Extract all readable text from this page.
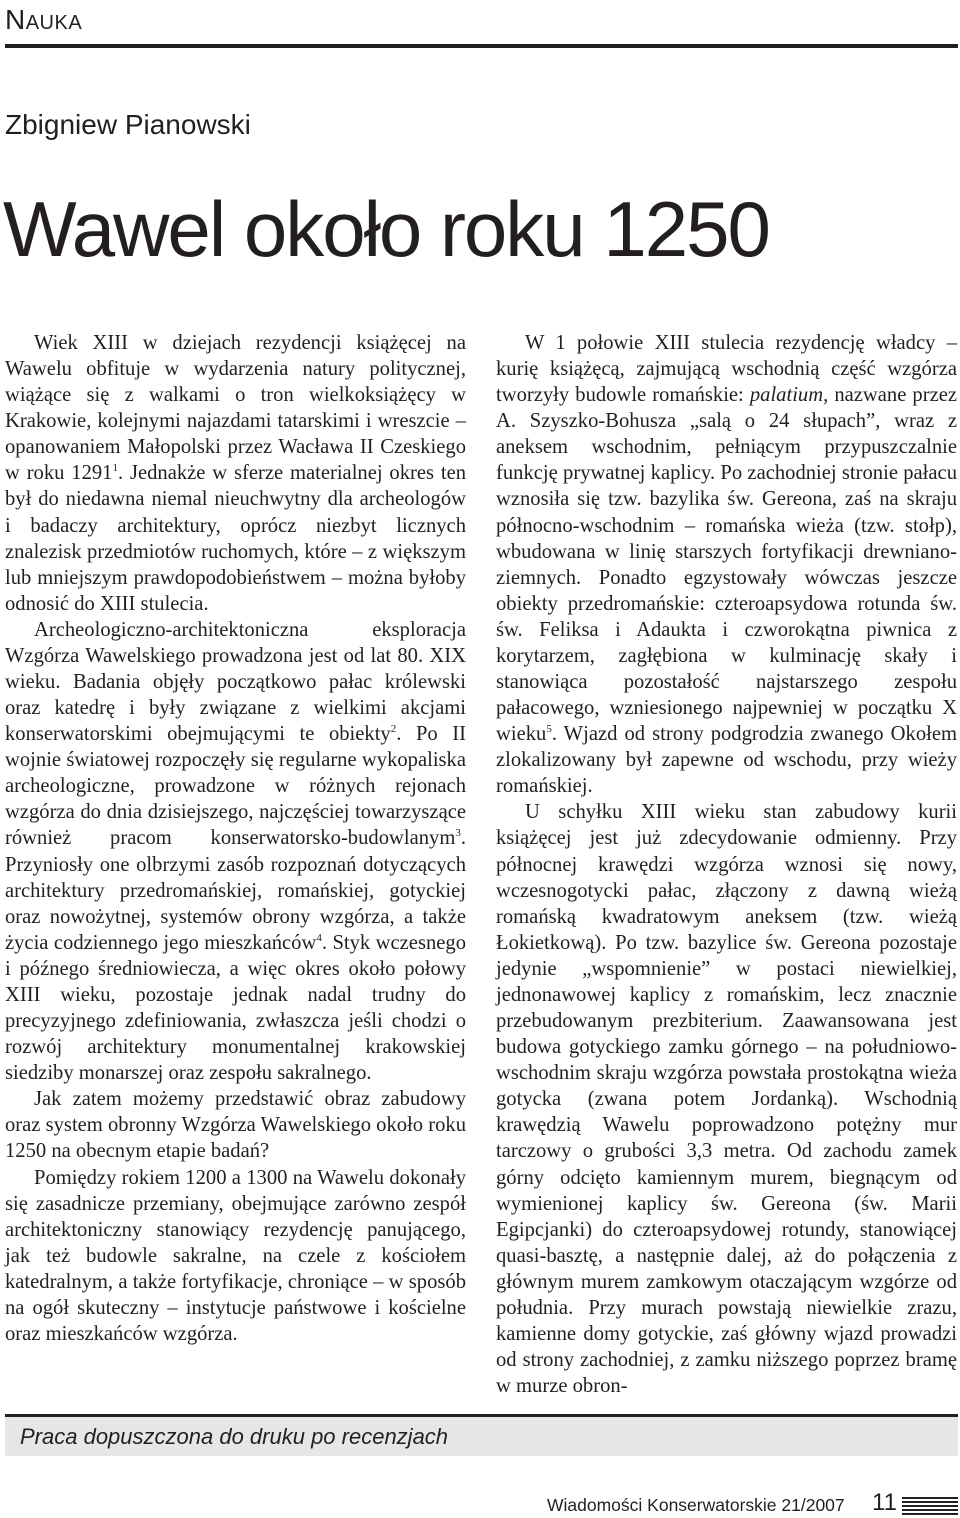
Nauka
Zbigniew Pianowski
Wawel około roku 1250

Wiek XIII w dziejach rezydencji książęcej na Wawelu obfituje w wydarzenia natury politycznej, wiążące się z walkami o tron wielkoksiążęcy w Krakowie, kolejnymi najazdami tatarskimi i wreszcie – opanowaniem Małopolski przez Wacława II Czeskiego w roku 1291$^1$. Jednakże w sferze materialnej okres ten był do niedawna niemal nieuchwytny dla archeologów i badaczy architektury, oprócz niezbyt licznych znalezisk przedmiotów ruchomych, które – z większym lub mniejszym prawdopodobieństwem – można byłoby odnosić do XIII stulecia.

Archeologiczno-architektoniczna eksploracja Wzgórza Wawelskiego prowadzona jest od lat 80. XIX wieku. Badania objęły początkowo pałac królewski oraz katedrę i były związane z wielkimi akcjami konserwatorskimi obejmującymi te obiekty$^2$. Po II wojnie światowej rozpoczęły się regularne wykopaliska archeologiczne, prowadzone w różnych rejonach wzgórza do dnia dzisiejszego, najczęściej towarzyszące również pracom konserwatorsko-budowlanym$^3$. Przyniosły one olbrzymi zasób rozpoznań dotyczących architektury przedromańskiej, romańskiej, gotyckiej oraz nowożytnej, systemów obrony wzgórza, a także życia codziennego jego mieszkańców$^4$. Styk wczesnego i późnego średniowiecza, a więc okres około połowy XIII wieku, pozostaje jednak nadal trudny do precyzyjnego zdefiniowania, zwłaszcza jeśli chodzi o rozwój architektury monumentalnej krakowskiej siedziby monarszej oraz zespołu sakralnego.

Jak zatem możemy przedstawić obraz zabudowy oraz system obronny Wzgórza Wawelskiego około roku 1250 na obecnym etapie badań?

Pomiędzy rokiem 1200 a 1300 na Wawelu dokonały się zasadnicze przemiany, obejmujące zarówno zespół architektoniczny stanowiący rezydencję panującego, jak też budowle sakralne, na czele z kościołem katedralnym, a także fortyfikacje, chroniące – w sposób na ogół skuteczny – instytucje państwowe i kościelne oraz mieszkańców wzgórza.

W 1 połowie XIII stulecia rezydencję władcy – kurię książęcą, zajmującą wschodnią część wzgórza tworzyły budowle romańskie: palatium, nazwane przez A. Szyszko-Bohusza „salą o 24 słupach”, wraz z aneksem wschodnim, pełniącym przypuszczalnie funkcję prywatnej kaplicy. Po zachodniej stronie pałacu wznosiła się tzw. bazylika św. Gereona, zaś na skraju północno-wschodnim – romańska wieża (tzw. stołp), wbudowana w linię starszych fortyfikacji drewniano-ziemnych. Ponadto egzystowały wówczas jeszcze obiekty przedromańskie: czteroapsydowa rotunda św. św. Feliksa i Adaukta i czworokątna piwnica z korytarzem, zagłębiona w kulminację skały i stanowiąca pozostałość najstarszego zespołu pałacowego, wzniesionego najpewniej w początku X wieku$^5$. Wjazd od strony podgrodzia zwanego Okołem zlokalizowany był zapewne od wschodu, przy wieży romańskiej.

U schyłku XIII wieku stan zabudowy kurii książęcej jest już zdecydowanie odmienny. Przy północnej krawędzi wzgórza wznosi się nowy, wczesnogotycki pałac, złączony z dawną wieżą romańską kwadratowym aneksem (tzw. wieżą Łokietkową). Po tzw. bazylice św. Gereona pozostaje jedynie „wspomnienie” w postaci niewielkiej, jednonawowej kaplicy z romańskim, lecz znacznie przebudowanym prezbiterium. Zaawansowana jest budowa gotyckiego zamku górnego – na południowo-wschodnim skraju wzgórza powstała prostokątna wieża gotycka (zwana potem Jordanką). Wschodnią krawędzią Wawelu poprowadzono potężny mur tarczowy o grubości 3,3 metra. Od zachodu zamek górny odcięto kamiennym murem, biegnącym od wymienionej kaplicy św. Gereona (św. Marii Egipcjanki) do czteroapsydowej rotundy, stanowiącej quasi-basztę, a następnie dalej, aż do połączenia z głównym murem zamkowym otaczającym wzgórze od południa. Przy murach powstają niewielkie zrazu, kamienne domy gotyckie, zaś główny wjazd prowadzi od strony zachodniej, z zamku niższego poprzez bramę w murze obron-

Praca dopuszczona do druku po recenzjach
Wiadomości Konserwatorskie 21/2007 11
